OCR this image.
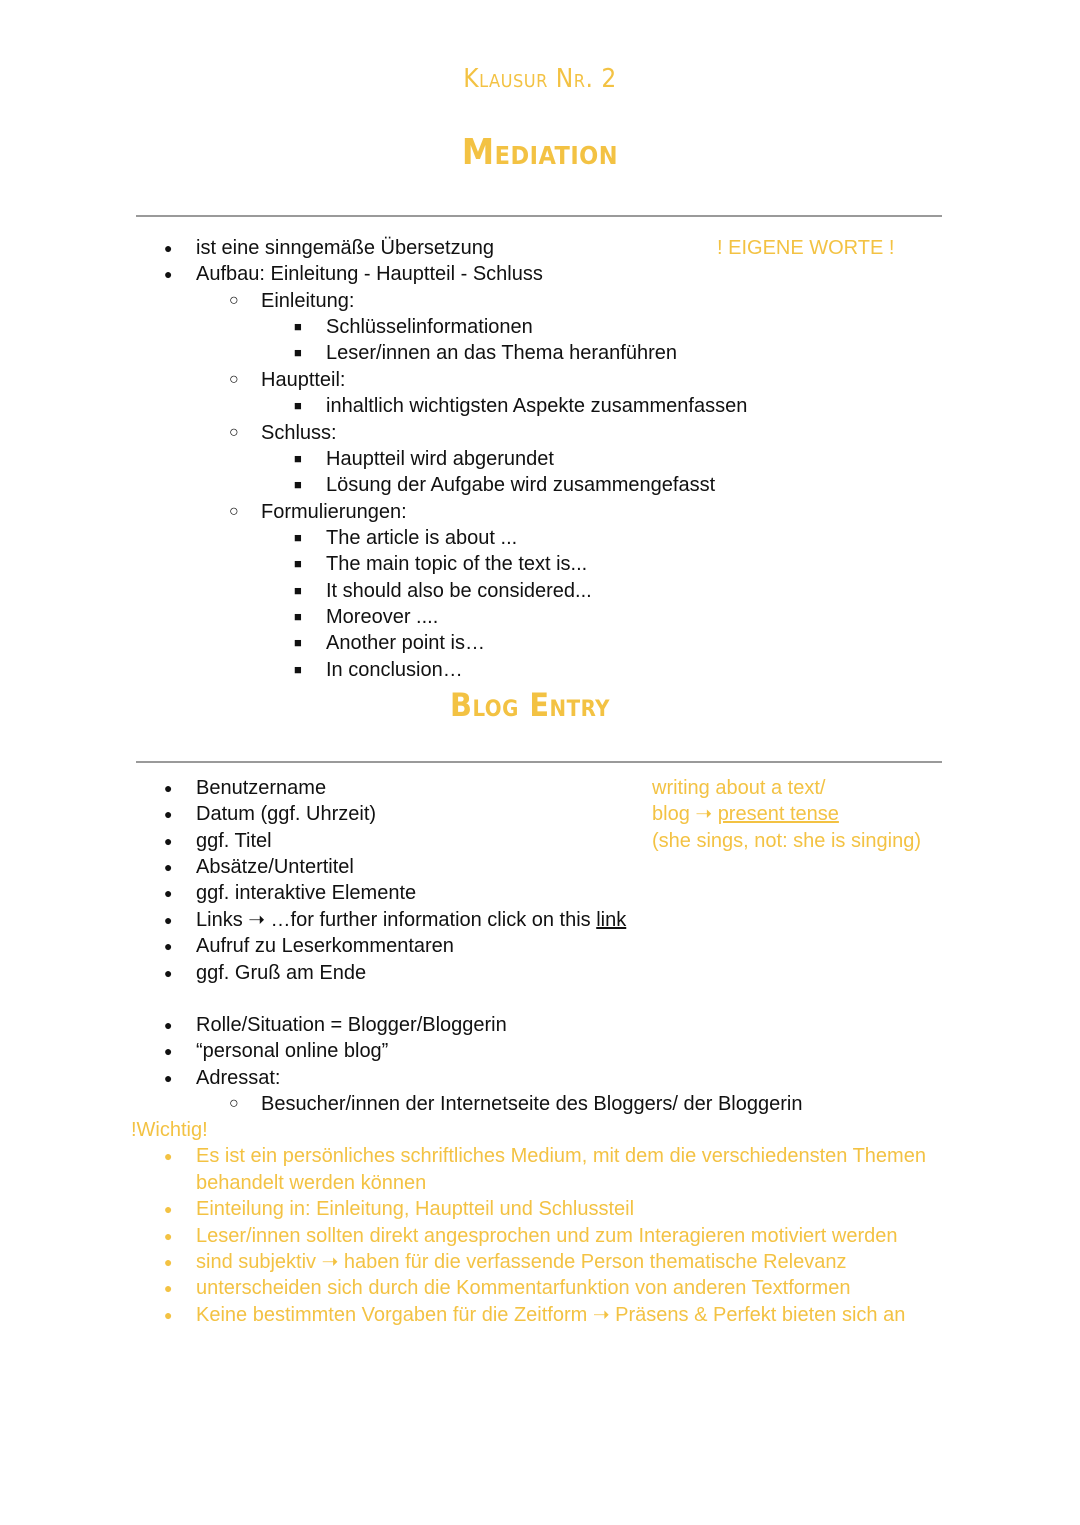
Klausur Nr. 2
Mediation
● ist eine sinngemäße Übersetzung	! EIGENE WORTE !
● Aufbau: Einleitung - Hauptteil - Schluss
○ Einleitung:
■ Schlüsselinformationen
■ Leser/innen an das Thema heranführen
○ Hauptteil:
■ inhaltlich wichtigsten Aspekte zusammenfassen
○ Schluss:
■ Hauptteil wird abgerundet
■ Lösung der Aufgabe wird zusammengefasst
○ Formulierungen:
■ The article is about ...
■ The main topic of the text is...
■ It should also be considered...
■ Moreover ....
■ Another point is…
■ In conclusion…
Blog Entry
writing about a text/
blog ➝ present tense
(she sings, not: she is singing)
● Benutzername
● Datum (ggf. Uhrzeit)
● ggf. Titel
● Absätze/Untertitel
● ggf. interaktive Elemente
● Links ➝ …for further information click on this link
● Aufruf zu Leserkommentaren
● ggf. Gruß am Ende
● Rolle/Situation = Blogger/Bloggerin
● “personal online blog”
● Adressat:
○ Besucher/innen der Internetseite des Bloggers/ der Bloggerin
!Wichtig!
● Es ist ein persönliches schriftliches Medium, mit dem die verschiedensten Themen
behandelt werden können
● Einteilung in: Einleitung, Hauptteil und Schlussteil
● Leser/innen sollten direkt angesprochen und zum Interagieren motiviert werden
● sind subjektiv ➝ haben für die verfassende Person thematische Relevanz
● unterscheiden sich durch die Kommentarfunktion von anderen Textformen
● Keine bestimmten Vorgaben für die Zeitform ➝ Präsens & Perfekt bieten sich an
